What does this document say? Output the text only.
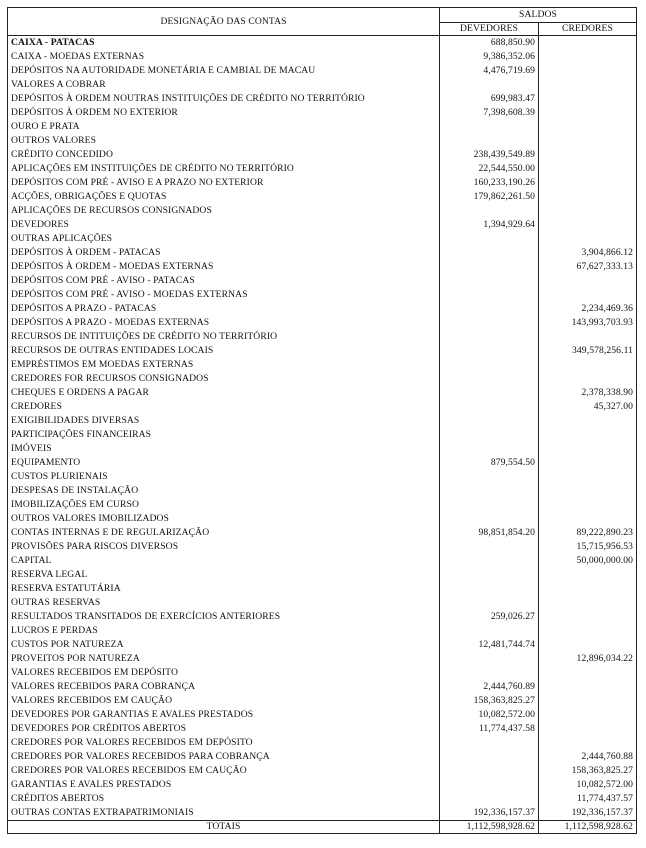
DESIGNAÇÃO DAS CONTAS	SALDOS	
	DEVEDORES	CREDORES
CAIXA - PATACAS	688,850.90	
CAIXA - MOEDAS EXTERNAS	9,386,352.06	
DEPÓSITOS NA AUTORIDADE MONETÁRIA E CAMBIAL DE MACAU	4,476,719.69	
VALORES A COBRAR		
DEPÓSITOS À ORDEM NOUTRAS INSTITUIÇÕES DE CRÉDITO NO TERRITÓRIO	699,983.47	
DEPÓSITOS À ORDEM NO EXTERIOR	7,398,608.39	
OURO E PRATA		
OUTROS VALORES		
CRÉDITO CONCEDIDO	238,439,549.89	
APLICAÇÕES EM INSTITUIÇÕES DE CRÉDITO NO TERRITÓRIO	22,544,550.00	
DEPÓSITOS COM PRÉ - AVISO E A PRAZO NO EXTERIOR	160,233,190.26	
ACÇÕES, OBRIGAÇÕES E QUOTAS	179,862,261.50	
APLICAÇÕES DE RECURSOS CONSIGNADOS		
DEVEDORES	1,394,929.64	
OUTRAS APLICAÇÕES		
DEPÓSITOS À ORDEM - PATACAS		3,904,866.12
DEPÓSITOS À ORDEM - MOEDAS EXTERNAS		67,627,333.13
DEPÓSITOS COM PRÉ - AVISO - PATACAS		
DEPÓSITOS COM PRÉ - AVISO - MOEDAS EXTERNAS		
DEPÓSITOS A PRAZO - PATACAS		2,234,469.36
DEPÓSITOS A PRAZO - MOEDAS EXTERNAS		143,993,703.93
RECURSOS DE INTITUIÇÕES DE CRÉDITO NO TERRITÓRIO		
RECURSOS DE OUTRAS ENTIDADES LOCAIS		349,578,256.11
EMPRÉSTIMOS EM MOEDAS EXTERNAS		
CREDORES FOR RECURSOS CONSIGNADOS		
CHEQUES E ORDENS A PAGAR		2,378,338.90
CREDORES		45,327.00
EXIGIBILIDADES DIVERSAS		
PARTICIPAÇÕES FINANCEIRAS		
IMÓVEIS		
EQUIPAMENTO	879,554.50	
CUSTOS PLURIENAIS		
DESPESAS DE INSTALAÇÃO		
IMOBILIZAÇÕES EM CURSO		
OUTROS VALORES IMOBILIZADOS		
CONTAS INTERNAS E DE REGULARIZAÇÃO	98,851,854.20	89,222,890.23
PROVISÕES PARA RISCOS DIVERSOS		15,715,956.53
CAPITAL		50,000,000.00
RESERVA LEGAL		
RESERVA ESTATUTÁRIA		
OUTRAS RESERVAS		
RESULTADOS TRANSITADOS DE EXERCÍCIOS ANTERIORES	259,026.27	
LUCROS E PERDAS		
CUSTOS POR NATUREZA	12,481,744.74	
PROVEITOS POR NATUREZA		12,896,034.22
VALORES RECEBIDOS EM DEPÓSITO		
VALORES RECEBIDOS PARA COBRANÇA	2,444,760.89	
VALORES RECEBIDOS EM CAUÇÃO	158,363,825.27	
DEVEDORES POR GARANTIAS E AVALES PRESTADOS	10,082,572.00	
DEVEDORES POR CRÉDITOS ABERTOS	11,774,437.58	
CREDORES POR VALORES RECEBIDOS EM DEPÓSITO		
CREDORES POR VALORES RECEBIDOS PARA COBRANÇA		2,444,760.88
CREDORES POR VALORES RECEBIDOS EM CAUÇÃO		158,363,825.27
GARANTIAS E AVALES PRESTADOS		10,082,572.00
CRÉDITOS ABERTOS		11,774,437.57
OUTRAS CONTAS EXTRAPATRIMONIAIS	192,336,157.37	192,336,157.37
TOTAIS	1,112,598,928.62	1,112,598,928.62
